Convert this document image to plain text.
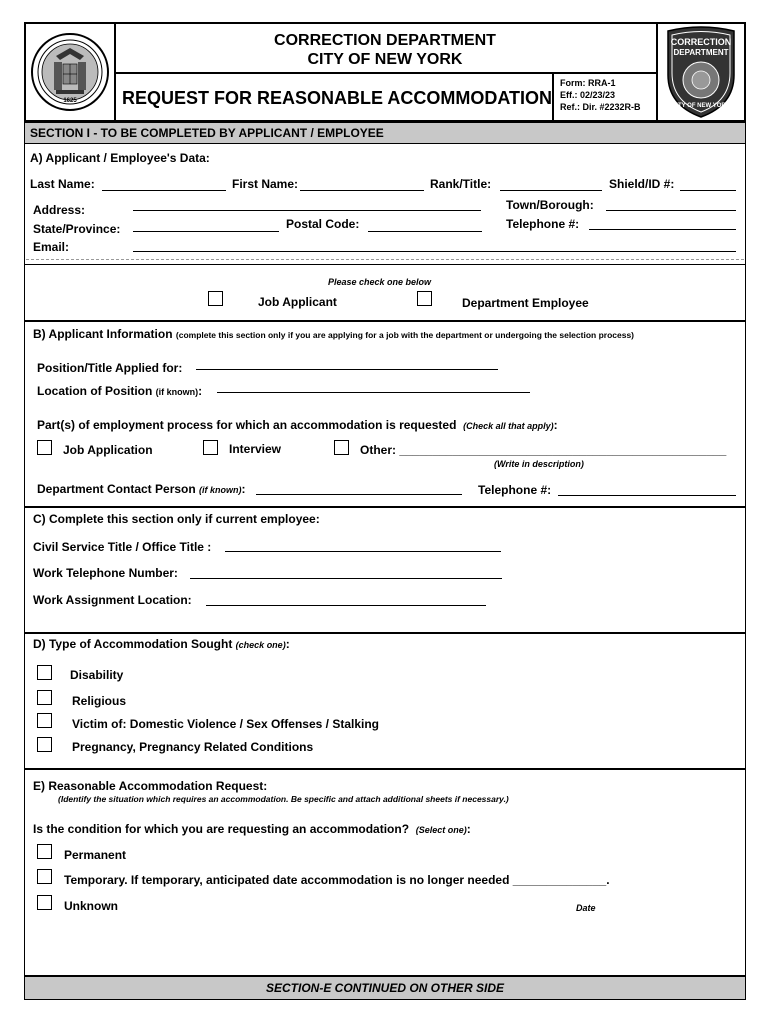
1625
CORRECTION DEPARTMENT
CITY OF NEW YORK
REQUEST FOR REASONABLE ACCOMMODATION
Form: RRA-1
Eff.: 02/23/23
Ref.: Dir. #2232R-B
CORRECTION
DEPARTMENT
CITY OF NEW YORK
SECTION I - TO BE COMPLETED BY APPLICANT / EMPLOYEE
A) Applicant / Employee's Data:
Last Name:	First Name:	Rank/Title:	Shield/ID #:
Address:	Town/Borough:
State/Province:	Postal Code:	Telephone #:
Email:
Please check one below
Job Applicant	Department Employee
B) Applicant Information (complete this section only if you are applying for a job with the department or undergoing the selection process)
Position/Title Applied for:
Location of Position (if known):
Part(s) of employment process for which an accommodation is requested (Check all that apply):
Job Application	Interview	Other: _________________________________________________
(Write in description)
Department Contact Person (if known):	Telephone #:
C) Complete this section only if current employee:
Civil Service Title / Office Title :
Work Telephone Number:
Work Assignment Location:
D) Type of Accommodation Sought (check one):
Disability
Religious
Victim of: Domestic Violence / Sex Offenses / Stalking
Pregnancy, Pregnancy Related Conditions
E) Reasonable Accommodation Request:
(Identify the situation which requires an accommodation. Be specific and attach additional sheets if necessary.)
Is the condition for which you are requesting an accommodation? (Select one):
Permanent
Temporary. If temporary, anticipated date accommodation is no longer needed ______________.
Unknown	Date
SECTION-E CONTINUED ON OTHER SIDE
